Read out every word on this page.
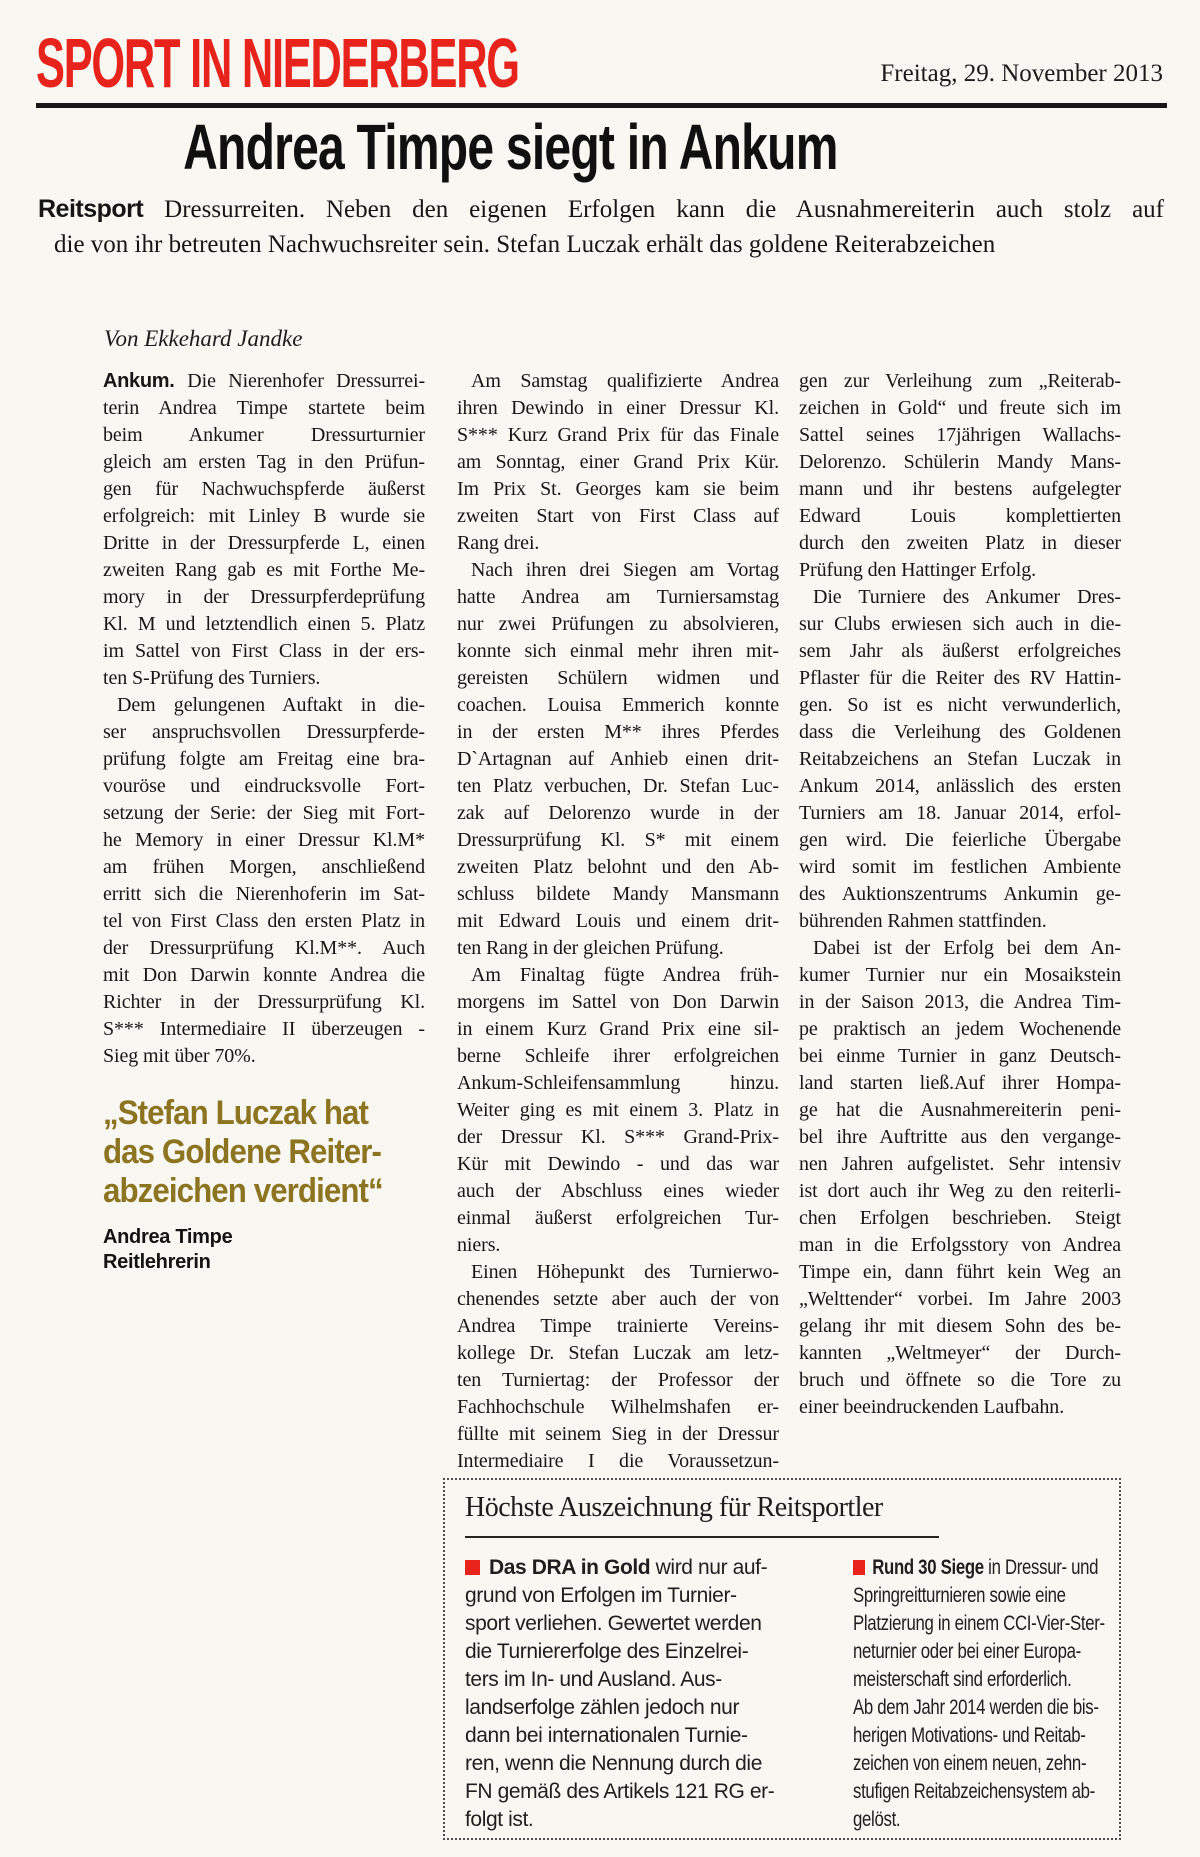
SPORT IN NIEDERBERG	Freitag, 29. November 2013
Andrea Timpe siegt in Ankum
Reitsport Dressurreiten. Neben den eigenen Erfolgen kann die Ausnahmereiterin auch stolz auf
die von ihr betreuten Nachwuchsreiter sein. Stefan Luczak erhält das goldene Reiterabzeichen
Von Ekkehard Jandke
Ankum. Die Nierenhofer Dressurrei-
terin Andrea Timpe startete beim
beim Ankumer Dressurturnier
gleich am ersten Tag in den Prüfun-
gen für Nachwuchspferde äußerst
erfolgreich: mit Linley B wurde sie
Dritte in der Dressurpferde L, einen
zweiten Rang gab es mit Forthe Me-
mory in der Dressurpferdeprüfung
Kl. M und letztendlich einen 5. Platz
im Sattel von First Class in der ers-
ten S-Prüfung des Turniers.
Dem gelungenen Auftakt in die-
ser anspruchsvollen Dressurpferde-
prüfung folgte am Freitag eine bra-
vouröse und eindrucksvolle Fort-
setzung der Serie: der Sieg mit Fort-
he Memory in einer Dressur Kl.M*
am frühen Morgen, anschließend
erritt sich die Nierenhoferin im Sat-
tel von First Class den ersten Platz in
der Dressurprüfung Kl.M**. Auch
mit Don Darwin konnte Andrea die
Richter in der Dressurprüfung Kl.
S*** Intermediaire II überzeugen -
Sieg mit über 70%.
„Stefan Luczak hat
das Goldene Reiter-
abzeichen verdient“
Andrea Timpe
Reitlehrerin
Am Samstag qualifizierte Andrea
ihren Dewindo in einer Dressur Kl.
S*** Kurz Grand Prix für das Finale
am Sonntag, einer Grand Prix Kür.
Im Prix St. Georges kam sie beim
zweiten Start von First Class auf
Rang drei.
Nach ihren drei Siegen am Vortag
hatte Andrea am Turniersamstag
nur zwei Prüfungen zu absolvieren,
konnte sich einmal mehr ihren mit-
gereisten Schülern widmen und
coachen. Louisa Emmerich konnte
in der ersten M** ihres Pferdes
D`Artagnan auf Anhieb einen drit-
ten Platz verbuchen, Dr. Stefan Luc-
zak auf Delorenzo wurde in der
Dressurprüfung Kl. S* mit einem
zweiten Platz belohnt und den Ab-
schluss bildete Mandy Mansmann
mit Edward Louis und einem drit-
ten Rang in der gleichen Prüfung.
Am Finaltag fügte Andrea früh-
morgens im Sattel von Don Darwin
in einem Kurz Grand Prix eine sil-
berne Schleife ihrer erfolgreichen
Ankum-Schleifensammlung hinzu.
Weiter ging es mit einem 3. Platz in
der Dressur Kl. S*** Grand-Prix-
Kür mit Dewindo - und das war
auch der Abschluss eines wieder
einmal äußerst erfolgreichen Tur-
niers.
Einen Höhepunkt des Turnierwo-
chenendes setzte aber auch der von
Andrea Timpe trainierte Vereins-
kollege Dr. Stefan Luczak am letz-
ten Turniertag: der Professor der
Fachhochschule Wilhelmshafen er-
füllte mit seinem Sieg in der Dressur
Intermediaire I die Voraussetzun-
gen zur Verleihung zum „Reiterab-
zeichen in Gold“ und freute sich im
Sattel seines 17jährigen Wallachs-
Delorenzo. Schülerin Mandy Mans-
mann und ihr bestens aufgelegter
Edward Louis komplettierten
durch den zweiten Platz in dieser
Prüfung den Hattinger Erfolg.
Die Turniere des Ankumer Dres-
sur Clubs erwiesen sich auch in die-
sem Jahr als äußerst erfolgreiches
Pflaster für die Reiter des RV Hattin-
gen. So ist es nicht verwunderlich,
dass die Verleihung des Goldenen
Reitabzeichens an Stefan Luczak in
Ankum 2014, anlässlich des ersten
Turniers am 18. Januar 2014, erfol-
gen wird. Die feierliche Übergabe
wird somit im festlichen Ambiente
des Auktionszentrums Ankumin ge-
bührenden Rahmen stattfinden.
Dabei ist der Erfolg bei dem An-
kumer Turnier nur ein Mosaikstein
in der Saison 2013, die Andrea Tim-
pe praktisch an jedem Wochenende
bei einme Turnier in ganz Deutsch-
land starten ließ.Auf ihrer Hompa-
ge hat die Ausnahmereiterin peni-
bel ihre Auftritte aus den vergange-
nen Jahren aufgelistet. Sehr intensiv
ist dort auch ihr Weg zu den reiterli-
chen Erfolgen beschrieben. Steigt
man in die Erfolgsstory von Andrea
Timpe ein, dann führt kein Weg an
„Welttender“ vorbei. Im Jahre 2003
gelang ihr mit diesem Sohn des be-
kannten „Weltmeyer“ der Durch-
bruch und öffnete so die Tore zu
einer beeindruckenden Laufbahn.
Höchste Auszeichnung für Reitsportler
Das DRA in Gold wird nur auf-
grund von Erfolgen im Turnier-
sport verliehen. Gewertet werden
die Turniererfolge des Einzelrei-
ters im In- und Ausland. Aus-
landserfolge zählen jedoch nur
dann bei internationalen Turnie-
ren, wenn die Nennung durch die
FN gemäß des Artikels 121 RG er-
folgt ist.
Rund 30 Siege in Dressur- und
Springreitturnieren sowie eine
Platzierung in einem CCI-Vier-Ster-
neturnier oder bei einer Europa-
meisterschaft sind erforderlich.
Ab dem Jahr 2014 werden die bis-
herigen Motivations- und Reitab-
zeichen von einem neuen, zehn-
stufigen Reitabzeichensystem ab-
gelöst.
